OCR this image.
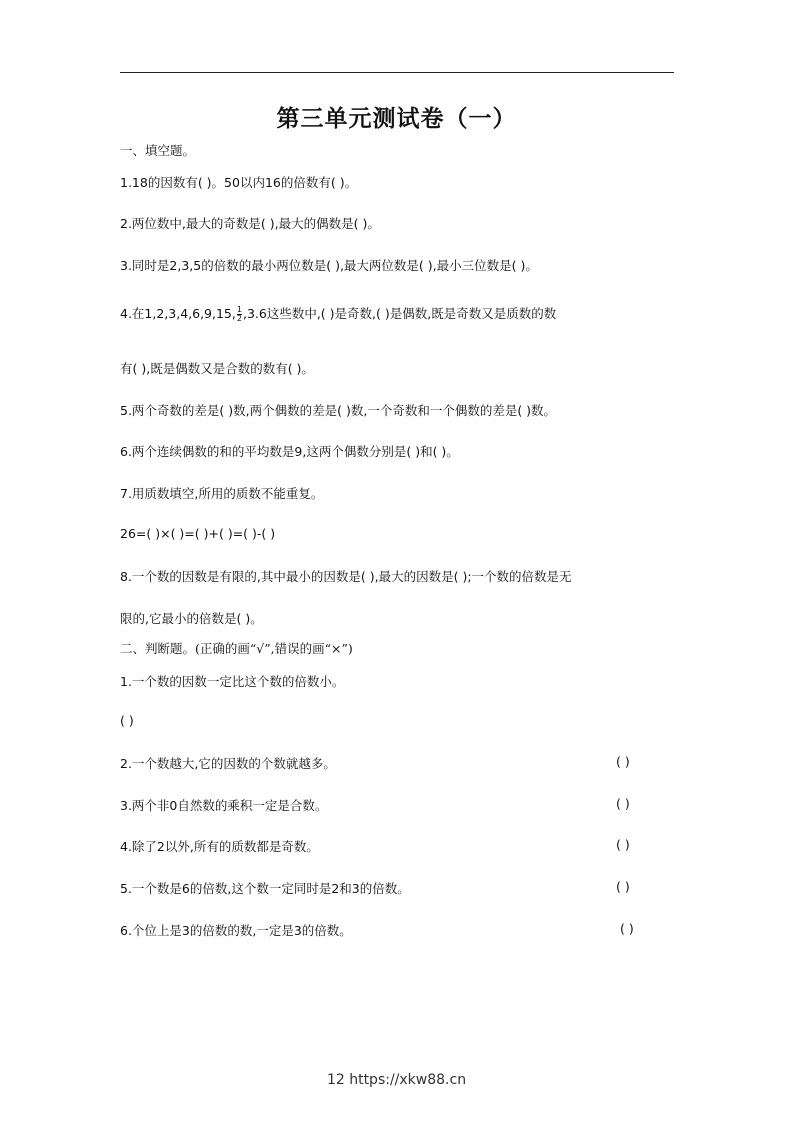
第三单元测试卷（一）
一、填空题。
1.18的因数有( )。50以内16的倍数有( )。
2.两位数中,最大的奇数是( ),最大的偶数是( )。
3.同时是2,3,5的倍数的最小两位数是( ),最大两位数是( ),最小三位数是( )。
4.在1,2,3,4,6,9,15, $\frac{1}{2} ,3.6$这些数中,( )是奇数,( )是偶数,既是奇数又是质数的数
有( ),既是偶数又是合数的数有( )。
5.两个奇数的差是( )数,两个偶数的差是( )数,一个奇数和一个偶数的差是( )数。
6.两个连续偶数的和的平均数是9,这两个偶数分别是( )和( )。
7.用质数填空,所用的质数不能重复。
26=( )×( )=( )+( )=( )-( )
8.一个数的因数是有限的,其中最小的因数是( ),最大的因数是( );一个数的倍数是无
限的,它最小的倍数是( )。
二、判断题。(正确的画“√”,错误的画“×”)
1.一个数的因数一定比这个数的倍数小。
( )
2.一个数越大,它的因数的个数就越多。	( )
3.两个非0自然数的乘积一定是合数。	( )
4.除了2以外,所有的质数都是奇数。	( )
5.一个数是6的倍数,这个数一定同时是2和3的倍数。	( )
6.个位上是3的倍数的数,一定是3的倍数。	( )
12 https://xkw88.cn
